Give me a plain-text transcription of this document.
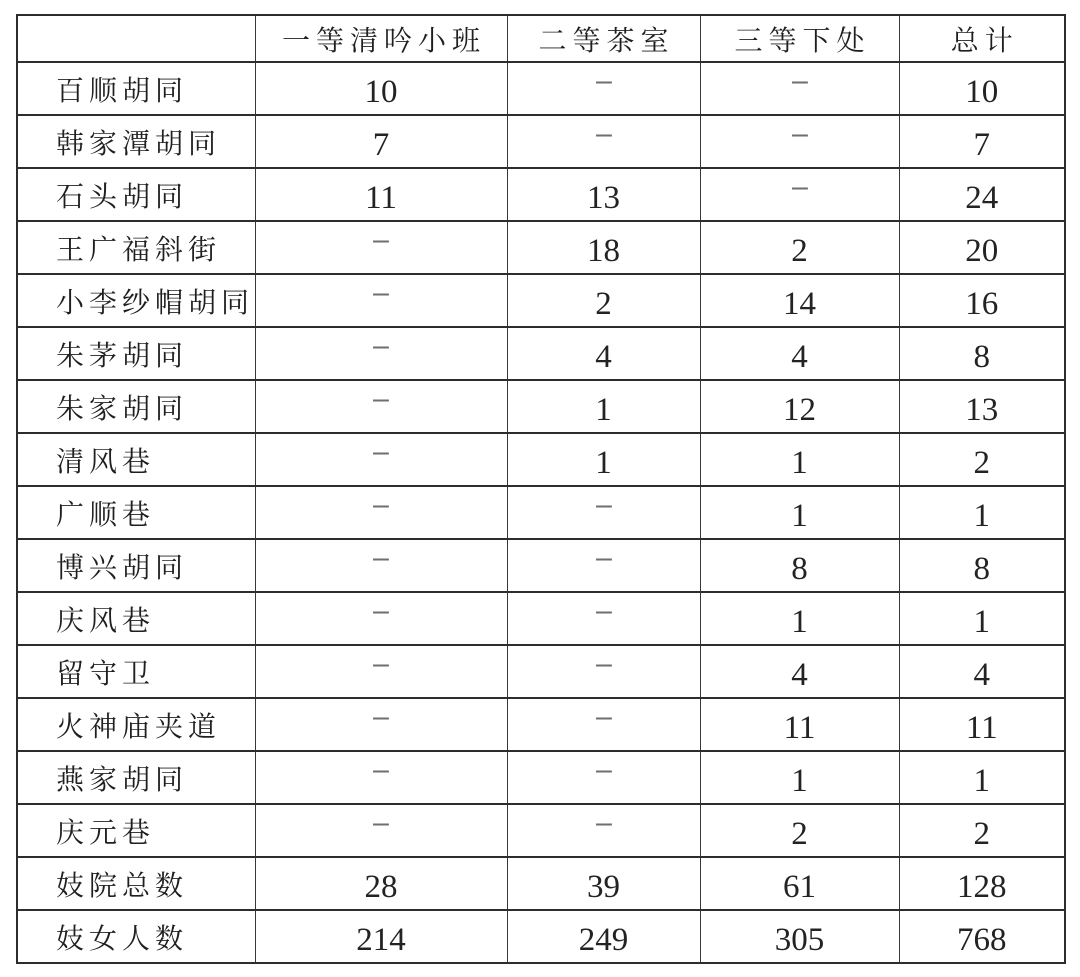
	一等清吟小班	二等茶室	三等下处	总计
百顺胡同	10	–	–	10
韩家潭胡同	7	–	–	7
石头胡同	11	13	–	24
王广福斜街	–	18	2	20
小李纱帽胡同	–	2	14	16
朱茅胡同	–	4	4	8
朱家胡同	–	1	12	13
清风巷	–	1	1	2
广顺巷	–	–	1	1
博兴胡同	–	–	8	8
庆风巷	–	–	1	1
留守卫	–	–	4	4
火神庙夹道	–	–	11	11
燕家胡同	–	–	1	1
庆元巷	–	–	2	2
妓院总数	28	39	61	128
妓女人数	214	249	305	768
